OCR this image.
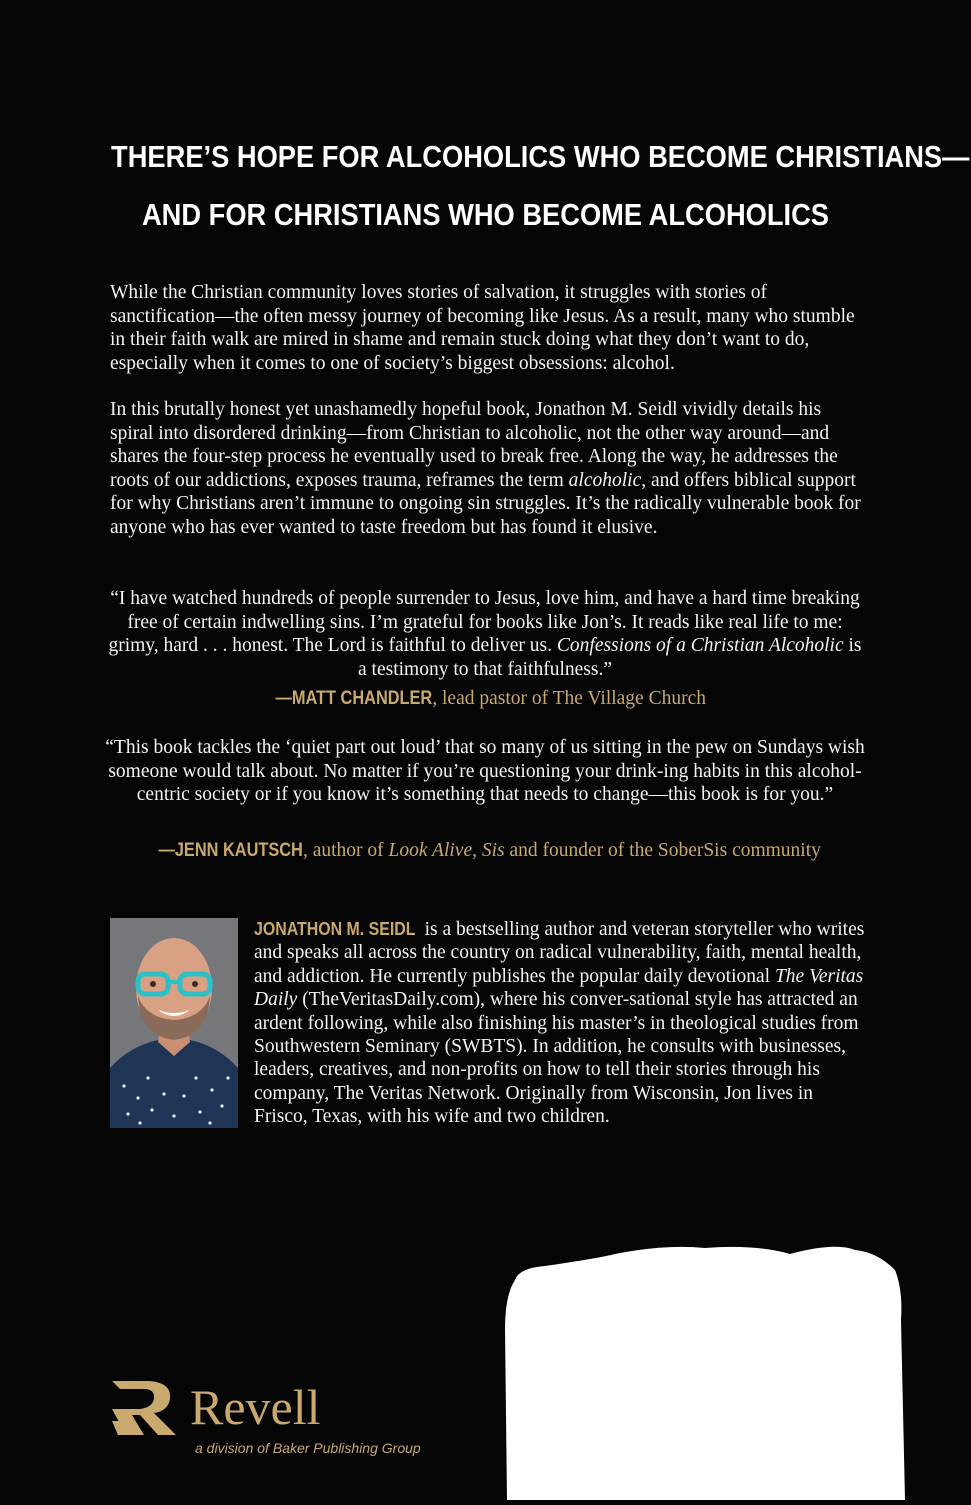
THERE’S HOPE FOR ALCOHOLICS WHO BECOME CHRISTIANS—
AND FOR CHRISTIANS WHO BECOME ALCOHOLICS
While the Christian community loves stories of salvation, it struggles with stories of sanctification—the often messy journey of becoming like Jesus. As a result, many who stumble in their faith walk are mired in shame and remain stuck doing what they don’t want to do, especially when it comes to one of society’s biggest obsessions: alcohol.
In this brutally honest yet unashamedly hopeful book, Jonathon M. Seidl vividly details his spiral into disordered drinking—from Christian to alcoholic, not the other way around—and shares the four-step process he eventually used to break free. Along the way, he addresses the roots of our addictions, exposes trauma, reframes the term alcoholic, and offers biblical support for why Christians aren’t immune to ongoing sin struggles. It’s the radically vulnerable book for anyone who has ever wanted to taste freedom but has found it elusive.
“I have watched hundreds of people surrender to Jesus, love him, and have a hard time breaking free of certain indwelling sins. I’m grateful for books like Jon’s. It reads like real life to me: grimy, hard . . . honest. The Lord is faithful to deliver us. Confessions of a Christian Alcoholic is a testimony to that faithfulness.”
—MATT CHANDLER, lead pastor of The Village Church
“This book tackles the ‘quiet part out loud’ that so many of us sitting in the pew on Sundays wish someone would talk about. No matter if you’re questioning your drink-ing habits in this alcohol-centric society or if you know it’s something that needs to change—this book is for you.”
—JENN KAUTSCH, author of Look Alive, Sis and founder of the SoberSis community
JONATHON M. SEIDL is a bestselling author and veteran storyteller who writes and speaks all across the country on radical vulnerability, faith, mental health, and addiction. He currently publishes the popular daily devotional The Veritas Daily (TheVeritasDaily.com), where his conver-sational style has attracted an ardent following, while also finishing his master’s in theological studies from Southwestern Seminary (SWBTS). In addition, he consults with businesses, leaders, creatives, and non-profits on how to tell their stories through his company, The Veritas Network. Originally from Wisconsin, Jon lives in Frisco, Texas, with his wife and two children.
Revell
a division of Baker Publishing Group
